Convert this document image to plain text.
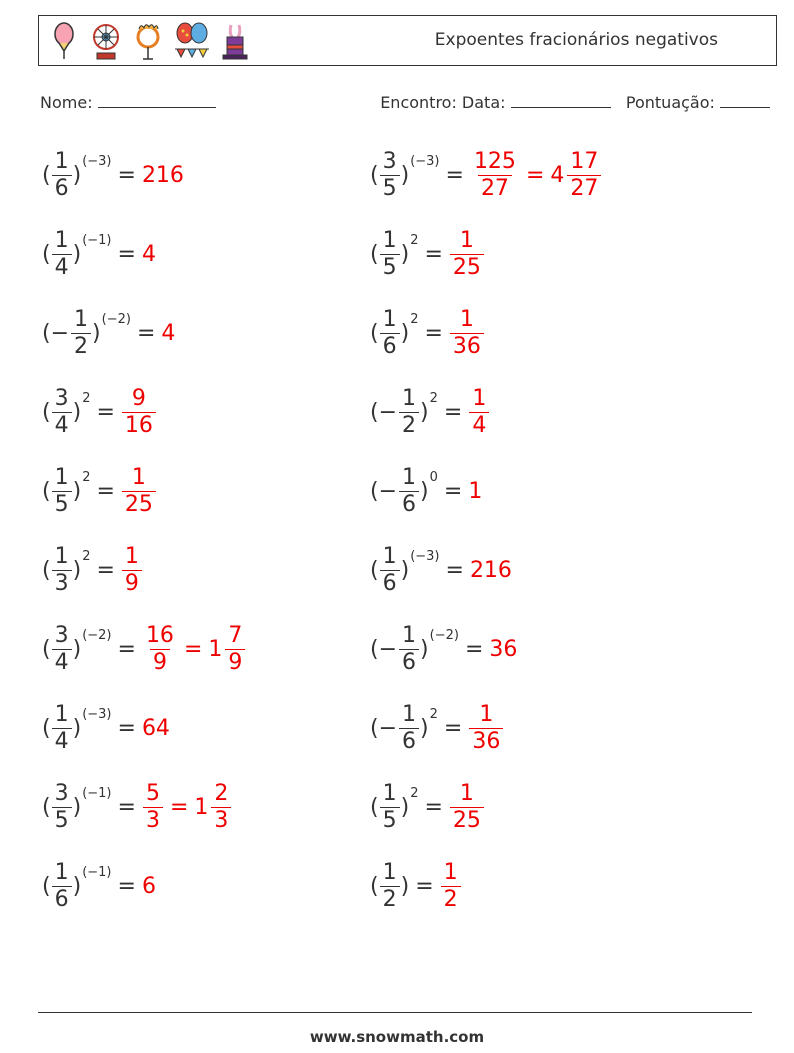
Expoentes fracionários negativos
Nome:	Encontro: Data:	Pontuação:
( $\frac{1}{6}$ )
(−3)
= 216	( $\frac{3}{5}$ )
(−3)
= $\frac{125}{27} = 4 \frac{17}{27}$
( $\frac{1}{4}$ )
(−1)
= 4	( $\frac{1}{5}$ )
2
= $\frac{1}{25}$
( − $\frac{1}{2}$ )
(−2)
= 4	( $\frac{1}{6}$ )
2
= $\frac{1}{36}$
( $\frac{3}{4}$ )
2
= $\frac{9}{16}$	( − $\frac{1}{2}$ )
2
= $\frac{1}{4}$
( $\frac{1}{5}$ )
2
= $\frac{1}{25}$	( − $\frac{1}{6}$ )
0
= 1
( $\frac{1}{3}$ )
2
= $\frac{1}{9}$	( $\frac{1}{6}$ )
(−3)
= 216
( $\frac{3}{4}$ )
(−2)
= $\frac{16}{9} = 1 \frac{7}{9}$	( − $\frac{1}{6}$ )
(−2)
= 36
( $\frac{1}{4}$ )
(−3)
= 64	( − $\frac{1}{6}$ )
2
= $\frac{1}{36}$
( $\frac{3}{5}$ )
(−1)
= $\frac{5}{3} = 1 \frac{2}{3}$	( $\frac{1}{5}$ )
2
= $\frac{1}{25}$
( $\frac{1}{6}$ )
(−1)
= 6	( $\frac{1}{2}$ ) = $\frac{1}{2}$
www.snowmath.com
